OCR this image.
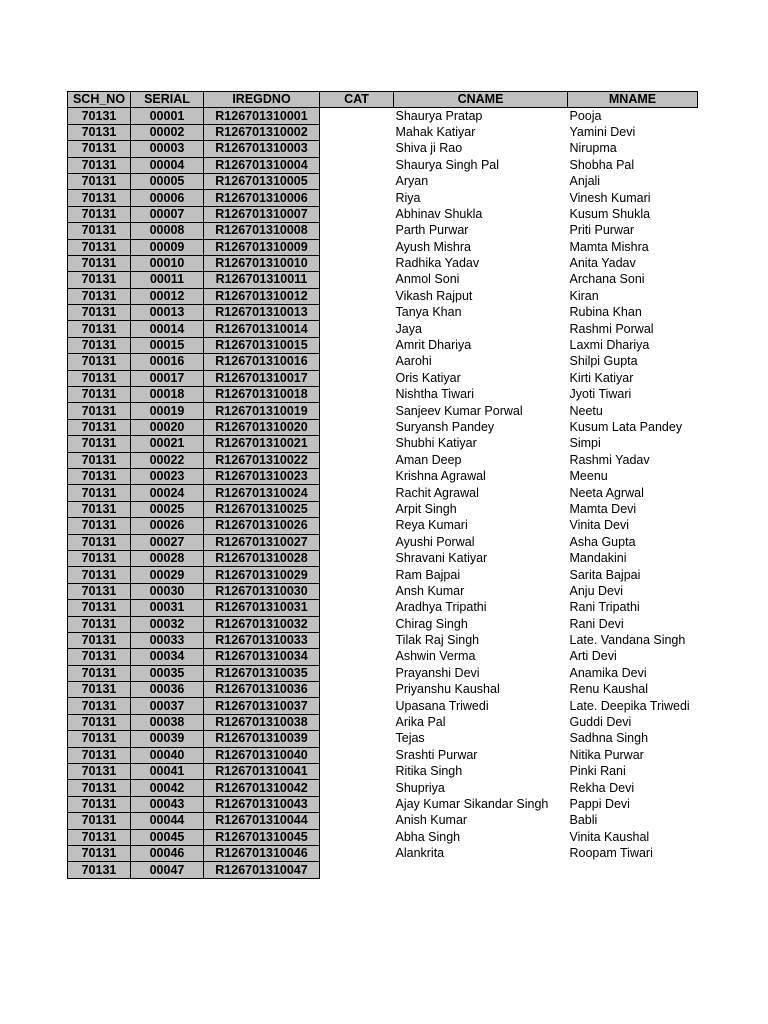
SCH_NO	SERIAL	IREGDNO	CAT	CNAME	MNAME
70131	00001	R126701310001		Shaurya Pratap	Pooja
70131	00002	R126701310002		Mahak Katiyar	Yamini Devi
70131	00003	R126701310003		Shiva ji Rao	Nirupma
70131	00004	R126701310004		Shaurya Singh Pal	Shobha Pal
70131	00005	R126701310005		Aryan	Anjali
70131	00006	R126701310006		Riya	Vinesh Kumari
70131	00007	R126701310007		Abhinav Shukla	Kusum Shukla
70131	00008	R126701310008		Parth Purwar	Priti Purwar
70131	00009	R126701310009		Ayush Mishra	Mamta Mishra
70131	00010	R126701310010		Radhika Yadav	Anita Yadav
70131	00011	R126701310011		Anmol Soni	Archana Soni
70131	00012	R126701310012		Vikash Rajput	Kiran
70131	00013	R126701310013		Tanya Khan	Rubina Khan
70131	00014	R126701310014		Jaya	Rashmi Porwal
70131	00015	R126701310015		Amrit Dhariya	Laxmi Dhariya
70131	00016	R126701310016		Aarohi	Shilpi Gupta
70131	00017	R126701310017		Oris Katiyar	Kirti Katiyar
70131	00018	R126701310018		Nishtha Tiwari	Jyoti Tiwari
70131	00019	R126701310019		Sanjeev Kumar Porwal	Neetu
70131	00020	R126701310020		Suryansh Pandey	Kusum Lata Pandey
70131	00021	R126701310021		Shubhi Katiyar	Simpi
70131	00022	R126701310022		Aman Deep	Rashmi Yadav
70131	00023	R126701310023		Krishna Agrawal	Meenu
70131	00024	R126701310024		Rachit Agrawal	Neeta Agrwal
70131	00025	R126701310025		Arpit Singh	Mamta Devi
70131	00026	R126701310026		Reya Kumari	Vinita Devi
70131	00027	R126701310027		Ayushi Porwal	Asha Gupta
70131	00028	R126701310028		Shravani Katiyar	Mandakini
70131	00029	R126701310029		Ram Bajpai	Sarita Bajpai
70131	00030	R126701310030		Ansh Kumar	Anju Devi
70131	00031	R126701310031		Aradhya Tripathi	Rani Tripathi
70131	00032	R126701310032		Chirag Singh	Rani Devi
70131	00033	R126701310033		Tilak Raj Singh	Late. Vandana Singh
70131	00034	R126701310034		Ashwin Verma	Arti Devi
70131	00035	R126701310035		Prayanshi Devi	Anamika Devi
70131	00036	R126701310036		Priyanshu Kaushal	Renu Kaushal
70131	00037	R126701310037		Upasana Triwedi	Late. Deepika Triwedi
70131	00038	R126701310038		Arika Pal	Guddi Devi
70131	00039	R126701310039		Tejas	Sadhna Singh
70131	00040	R126701310040		Srashti Purwar	Nitika Purwar
70131	00041	R126701310041		Ritika Singh	Pinki Rani
70131	00042	R126701310042		Shupriya	Rekha Devi
70131	00043	R126701310043		Ajay Kumar Sikandar Singh	Pappi Devi
70131	00044	R126701310044		Anish Kumar	Babli
70131	00045	R126701310045		Abha Singh	Vinita Kaushal
70131	00046	R126701310046		Alankrita	Roopam Tiwari
70131	00047	R126701310047			
